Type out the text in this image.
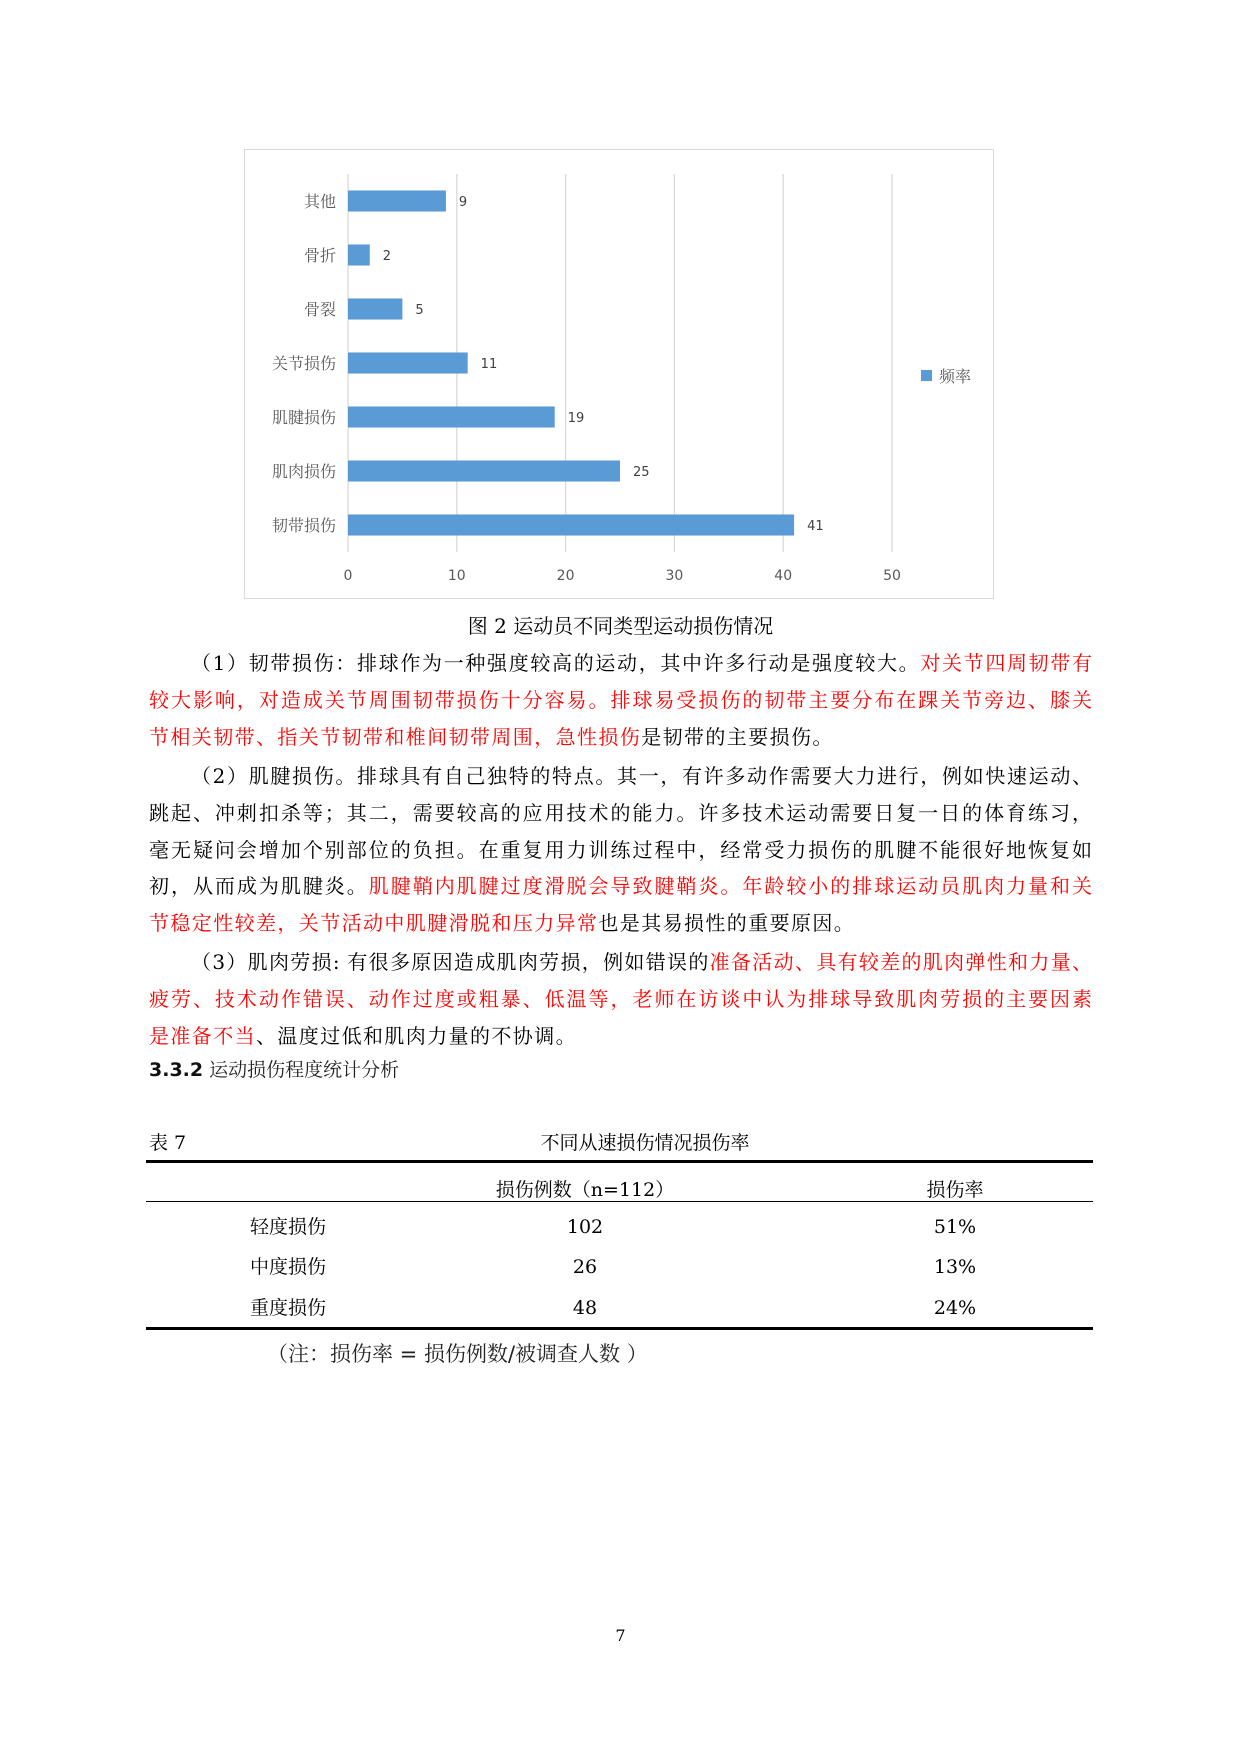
0	10	20	30	40	50
其他	9
骨折	2
骨裂	5
关节损伤	11
肌腱损伤	19
肌肉损伤	25
韧带损伤	41
频率
图 2 运动员不同类型运动损伤情况
（1）韧带损伤：排球作为一种强度较高的运动，其中许多行动是强度较大。对关节四周韧带有
较大影响，对造成关节周围韧带损伤十分容易。排球易受损伤的韧带主要分布在踝关节旁边、膝关
节相关韧带、指关节韧带和椎间韧带周围，急性损伤是韧带的主要损伤。
（2）肌腱损伤。排球具有自己独特的特点。其一，有许多动作需要大力进行，例如快速运动、
跳起、冲刺扣杀等；其二，需要较高的应用技术的能力。许多技术运动需要日复一日的体育练习，
毫无疑问会增加个别部位的负担。在重复用力训练过程中，经常受力损伤的肌腱不能很好地恢复如
初，从而成为肌腱炎。肌腱鞘内肌腱过度滑脱会导致腱鞘炎。年龄较小的排球运动员肌肉力量和关
节稳定性较差，关节活动中肌腱滑脱和压力异常也是其易损性的重要原因。
（3）肌肉劳损: 有很多原因造成肌肉劳损，例如错误的准备活动、具有较差的肌肉弹性和力量、
疲劳、技术动作错误、动作过度或粗暴、低温等，老师在访谈中认为排球导致肌肉劳损的主要因素
是准备不当、温度过低和肌肉力量的不协调。
3.3.2 运动损伤程度统计分析
表 7	不同从速损伤情况损伤率
损伤例数（n=112）	损伤率
轻度损伤	102	51%
中度损伤	26	13%
重度损伤	48	24%
（注：损伤率 = 损伤例数/被调查人数 ）
7
